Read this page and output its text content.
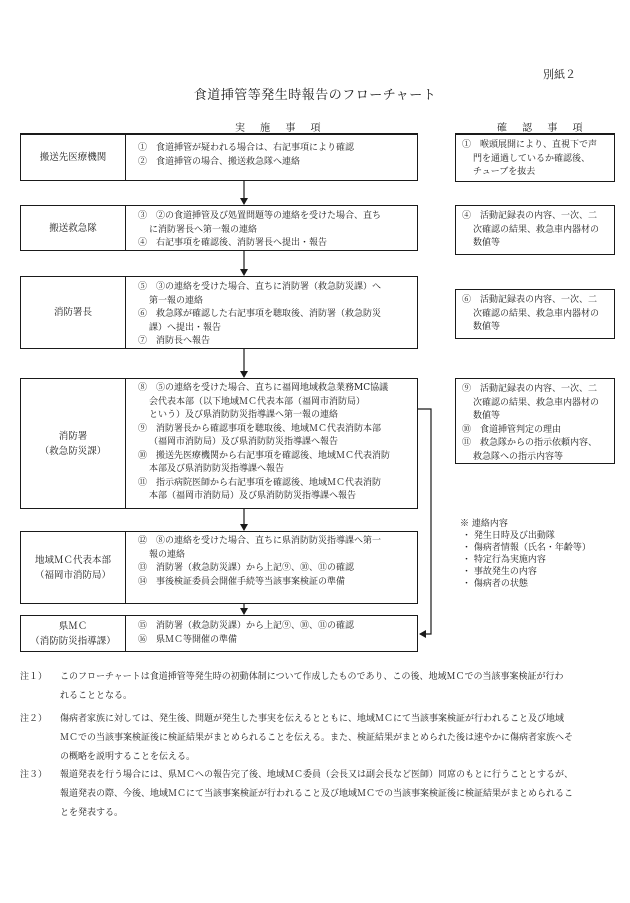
別紙２
食道挿管等発生時報告のフローチャート
実 施 事 項	確 認 事 項
搬送先医療機関
①　食道挿管が疑われる場合は、右記事項により確認
②　食道挿管の場合、搬送救急隊へ連絡
搬送救急隊
③　②の食道挿管及び処置問題等の連絡を受けた場合、直ち
に消防署長へ第一報の連絡
④　右記事項を確認後、消防署長へ提出・報告
消防署長
⑤　③の連絡を受けた場合、直ちに消防署（救急防災課）へ
第一報の連絡
⑥　救急隊が確認した右記事項を聴取後、消防署（救急防災
課）へ提出・報告
⑦　消防長へ報告
消防署
（救急防災課）
⑧　⑤の連絡を受けた場合、直ちに福岡地域救急業務MC協議
会代表本部（以下地域ＭＣ代表本部（福岡市消防局）
という）及び県消防防災指導課へ第一報の連絡
⑨　消防署長から確認事項を聴取後、地域ＭＣ代表消防本部
（福岡市消防局）及び県消防防災指導課へ報告
⑩　搬送先医療機関から右記事項を確認後、地域ＭＣ代表消防
本部及び県消防防災指導課へ報告
⑪　指示病院医師から右記事項を確認後、地域ＭＣ代表消防
本部（福岡市消防局）及び県消防防災指導課へ報告
地域ＭＣ代表本部
（福岡市消防局）
⑫　⑧の連絡を受けた場合、直ちに県消防防災指導課へ第一
報の連絡
⑬　消防署（救急防災課）から上記⑨、⑩、⑪の確認
⑭　事後検証委員会開催手続等当該事案検証の準備
県ＭＣ
（消防防災指導課）
⑮　消防署（救急防災課）から上記⑨、⑩、⑪の確認
⑯　県ＭＣ等開催の準備
①　喉頭展開により、直視下で声
門を通過しているか確認後、
チューブを抜去
④　活動記録表の内容、一次、二
次確認の結果、救急車内器材の
数値等
⑥　活動記録表の内容、一次、二
次確認の結果、救急車内器材の
数値等
⑨　活動記録表の内容、一次、二
次確認の結果、救急車内器材の
数値等
⑩　食道挿管判定の理由
⑪　救急隊からの指示依頼内容、
救急隊への指示内容等
※ 連絡内容
・ 発生日時及び出動隊
・ 傷病者情報（氏名・年齢等）
・ 特定行為実施内容
・ 事故発生の内容
・ 傷病者の状態
注１） このフローチャートは食道挿管等発生時の初動体制について作成したものであり、この後、地域ＭＣでの当該事案検証が行わ
れることとなる。
注２） 傷病者家族に対しては、発生後、問題が発生した事実を伝えるとともに、地域ＭＣにて当該事案検証が行われること及び地域
ＭＣでの当該事案検証後に検証結果がまとめられることを伝える。また、検証結果がまとめられた後は速やかに傷病者家族へそ
の概略を説明することを伝える。
注３） 報道発表を行う場合には、県ＭＣへの報告完了後、地域ＭＣ委員（会長又は副会長など医師）同席のもとに行うこととするが、
報道発表の際、今後、地域ＭＣにて当該事案検証が行われること及び地域ＭＣでの当該事案検証後に検証結果がまとめられるこ
とを発表する。
